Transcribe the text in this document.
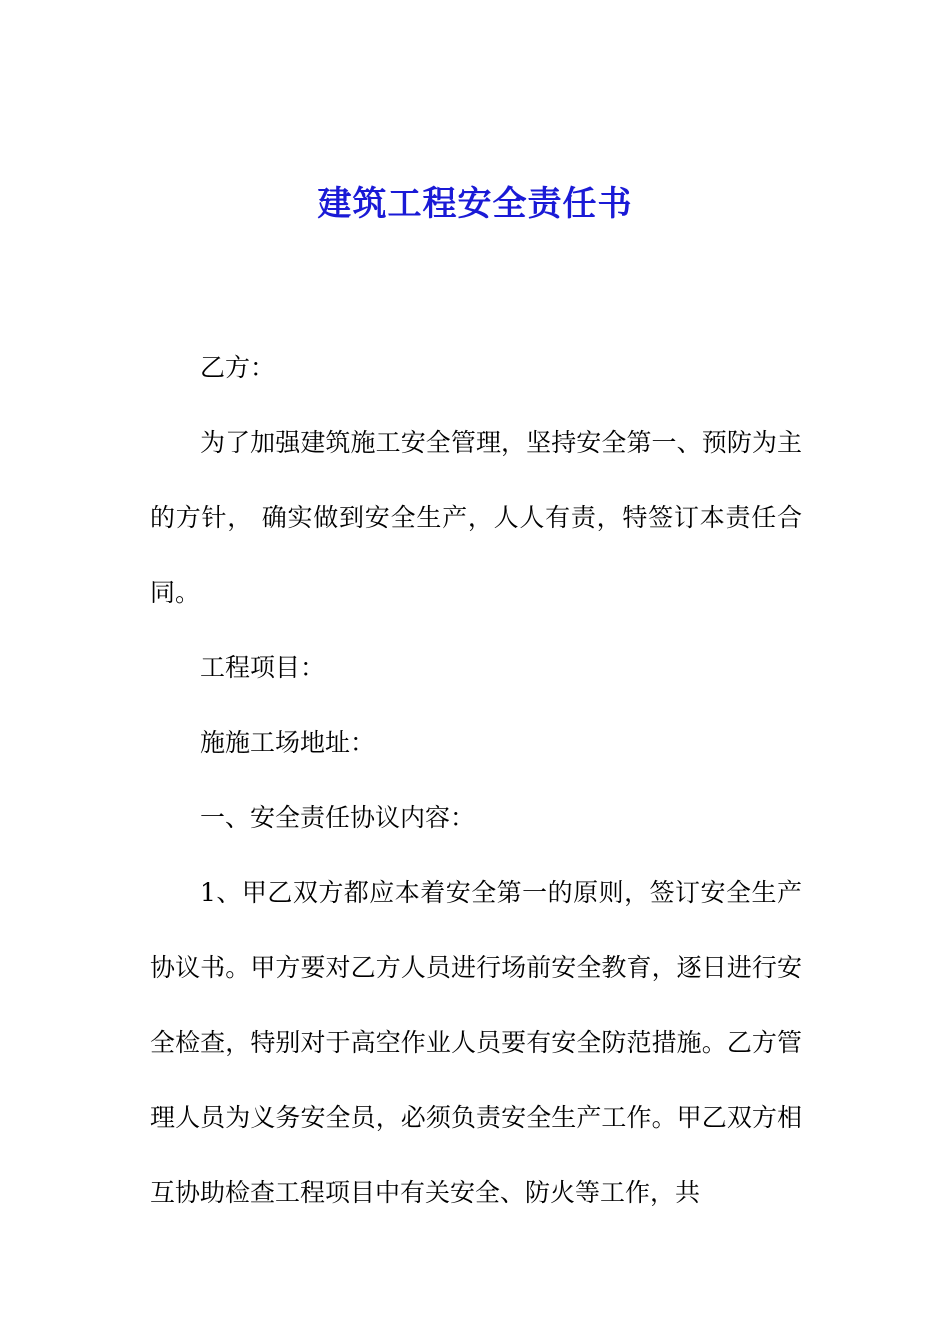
建筑工程安全责任书

乙方：

为了加强建筑施工安全管理，坚持安全第一、预防为主的方针， 确实做到安全生产，人人有责，特签订本责任合同。

工程项目：

施施工场地址：

一、安全责任协议内容：

1、甲乙双方都应本着安全第一的原则，签订安全生产协议书。甲方要对乙方人员进行场前安全教育，逐日进行安全检查，特别对于高空作业人员要有安全防范措施。乙方管理人员为义务安全员，必须负责安全生产工作。甲乙双方相互协助检查工程项目中有关安全、防火等工作，共
